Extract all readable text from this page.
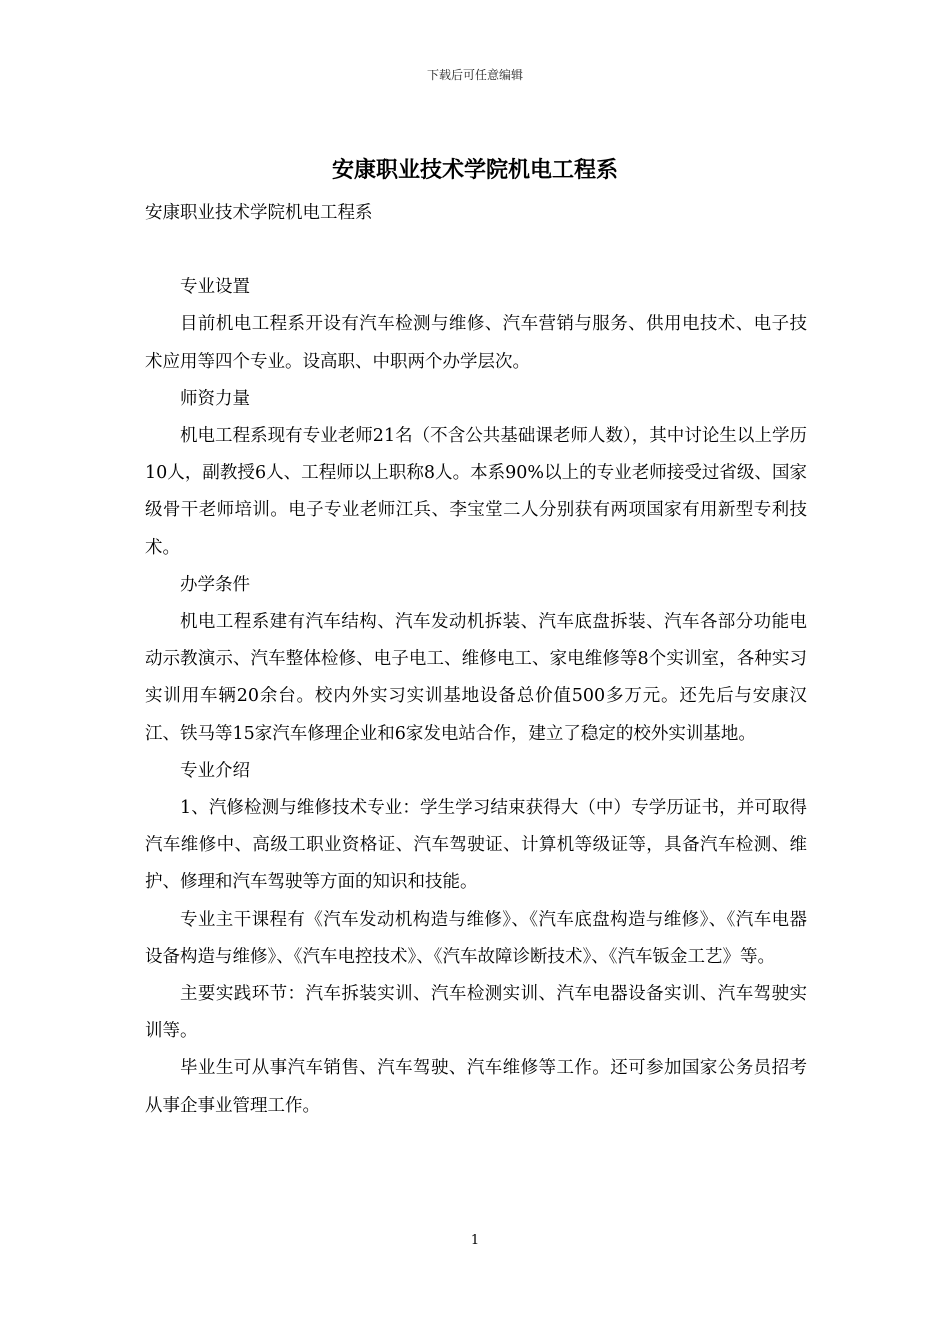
下载后可任意编辑
安康职业技术学院机电工程系
安康职业技术学院机电工程系

专业设置

目前机电工程系开设有汽车检测与维修、汽车营销与服务、供用电技术、电子技术应用等四个专业。设高职、中职两个办学层次。

师资力量

机电工程系现有专业老师21名（不含公共基础课老师人数），其中讨论生以上学历10人，副教授6人、工程师以上职称8人。本系90%以上的专业老师接受过省级、国家级骨干老师培训。电子专业老师江兵、李宝堂二人分别获有两项国家有用新型专利技术。

办学条件

机电工程系建有汽车结构、汽车发动机拆装、汽车底盘拆装、汽车各部分功能电动示教演示、汽车整体检修、电子电工、维修电工、家电维修等8个实训室，各种实习实训用车辆20余台。校内外实习实训基地设备总价值500多万元。还先后与安康汉江、铁马等15家汽车修理企业和6家发电站合作，建立了稳定的校外实训基地。

专业介绍

1、汽修检测与维修技术专业：学生学习结束获得大（中）专学历证书，并可取得汽车维修中、高级工职业资格证、汽车驾驶证、计算机等级证等，具备汽车检测、维护、修理和汽车驾驶等方面的知识和技能。

专业主干课程有《汽车发动机构造与维修》、《汽车底盘构造与维修》、《汽车电器设备构造与维修》、《汽车电控技术》、《汽车故障诊断技术》、《汽车钣金工艺》等。

主要实践环节：汽车拆装实训、汽车检测实训、汽车电器设备实训、汽车驾驶实训等。

毕业生可从事汽车销售、汽车驾驶、汽车维修等工作。还可参加国家公务员招考从事企事业管理工作。

1
